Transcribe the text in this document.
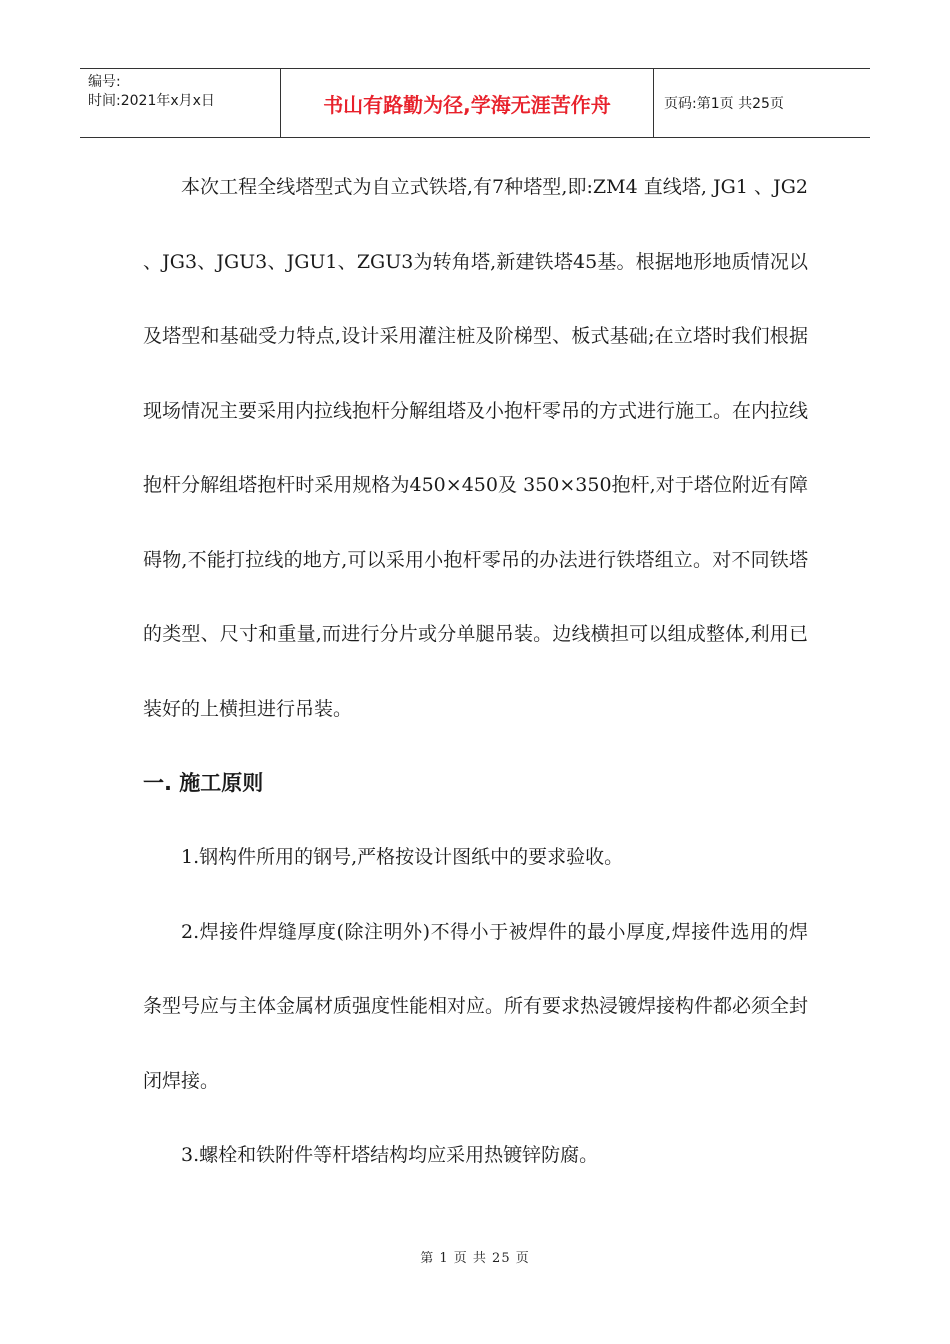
编号:
时间:2021年x月x日	书山有路勤为径,学海无涯苦作舟	页码:第1页 共25页

本次工程全线塔型式为自立式铁塔,有7种塔型,即:ZM4 直线塔, JG1 、JG2 、JG3、JGU3、JGU1、ZGU3为转角塔,新建铁塔45基。根据地形地质情况以及塔型和基础受力特点,设计采用灌注桩及阶梯型、板式基础;在立塔时我们根据现场情况主要采用内拉线抱杆分解组塔及小抱杆零吊的方式进行施工。在内拉线抱杆分解组塔抱杆时采用规格为450×450及 350×350抱杆,对于塔位附近有障碍物,不能打拉线的地方,可以采用小抱杆零吊的办法进行铁塔组立。对不同铁塔的类型、尺寸和重量,而进行分片或分单腿吊装。边线横担可以组成整体,利用已装好的上横担进行吊装。

一. 施工原则

1.钢构件所用的钢号,严格按设计图纸中的要求验收。

2.焊接件焊缝厚度(除注明外)不得小于被焊件的最小厚度,焊接件选用的焊条型号应与主体金属材质强度性能相对应。所有要求热浸镀焊接构件都必须全封闭焊接。

3.螺栓和铁附件等杆塔结构均应采用热镀锌防腐。

第 1 页 共 25 页
